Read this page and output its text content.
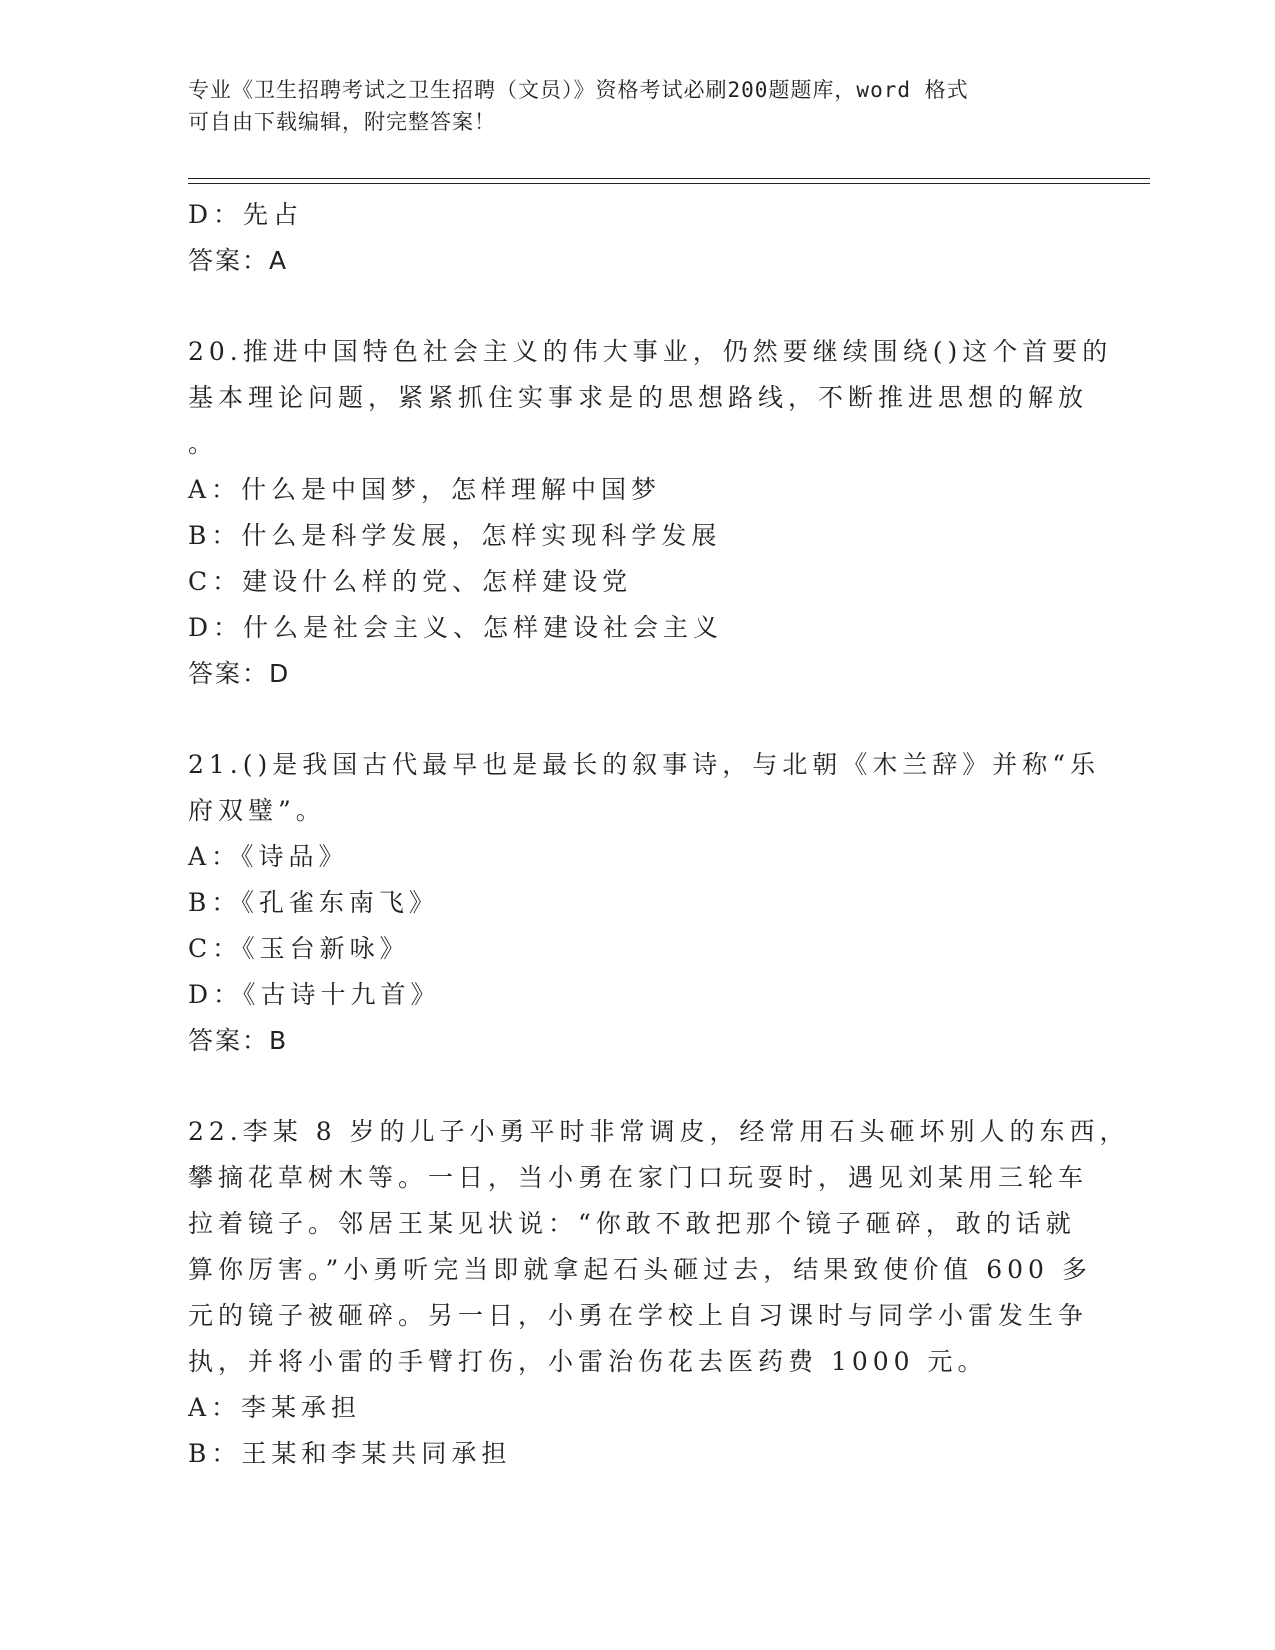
专业《卫生招聘考试之卫生招聘（文员）》资格考试必刷200题题库，word 格式
可自由下载编辑，附完整答案！
D：先占
答案：A
20.推进中国特色社会主义的伟大事业，仍然要继续围绕()这个首要的
基本理论问题，紧紧抓住实事求是的思想路线，不断推进思想的解放
。
A：什么是中国梦，怎样理解中国梦
B：什么是科学发展，怎样实现科学发展
C：建设什么样的党、怎样建设党
D：什么是社会主义、怎样建设社会主义
答案：D
21.()是我国古代最早也是最长的叙事诗，与北朝《木兰辞》并称“乐
府双璧”。
A：《诗品》
B：《孔雀东南飞》
C：《玉台新咏》
D：《古诗十九首》
答案：B
22.李某 8 岁的儿子小勇平时非常调皮，经常用石头砸坏别人的东西，
攀摘花草树木等。一日，当小勇在家门口玩耍时，遇见刘某用三轮车
拉着镜子。邻居王某见状说：“你敢不敢把那个镜子砸碎，敢的话就
算你厉害。”小勇听完当即就拿起石头砸过去，结果致使价值 600 多
元的镜子被砸碎。另一日，小勇在学校上自习课时与同学小雷发生争
执，并将小雷的手臂打伤，小雷治伤花去医药费 1000 元。
A：李某承担
B：王某和李某共同承担
